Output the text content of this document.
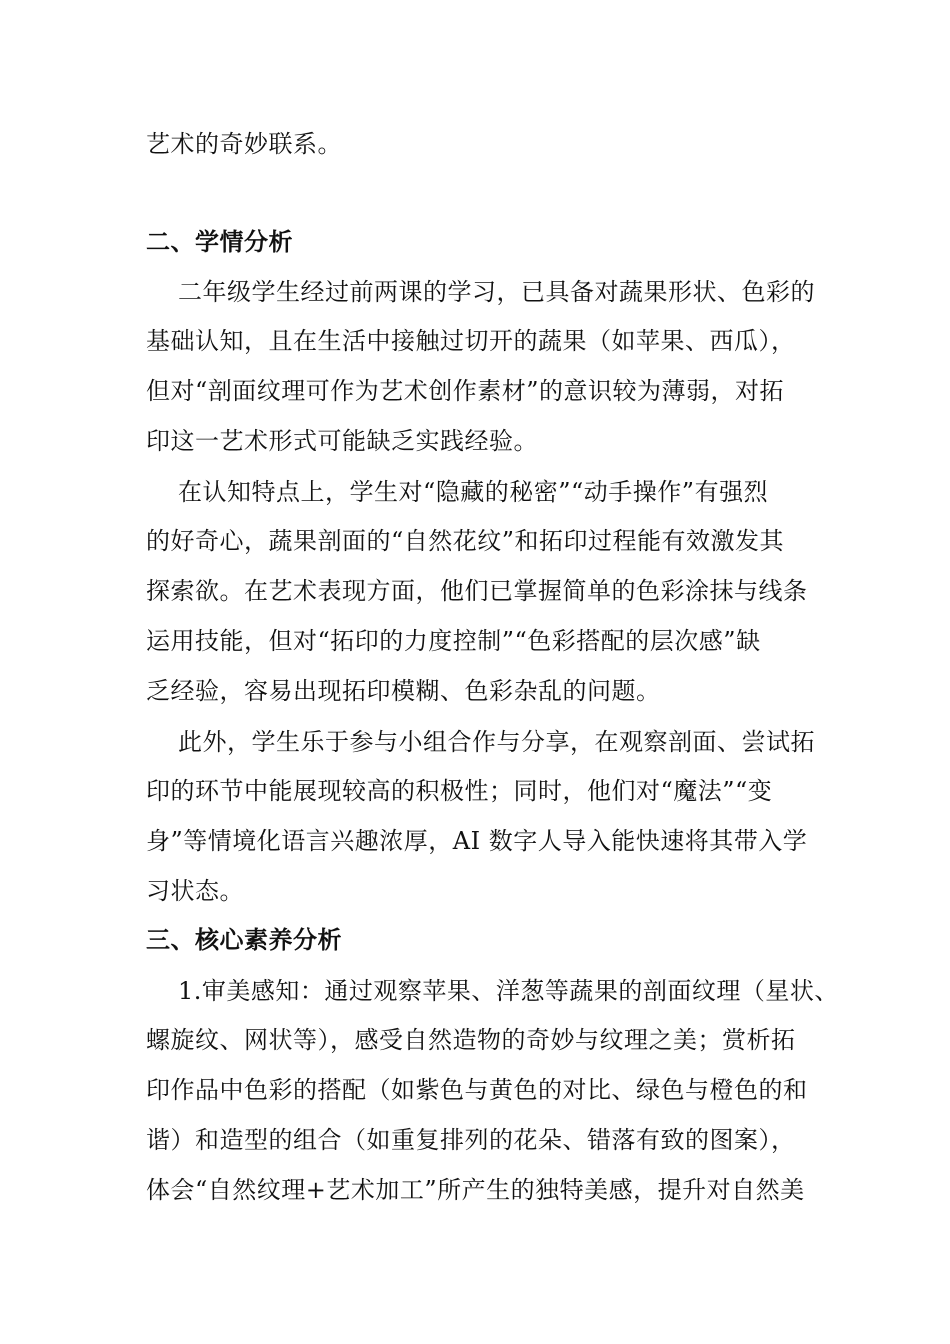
艺术的奇妙联系。
二、学情分析
二年级学生经过前两课的学习，已具备对蔬果形状、色彩的
基础认知，且在生活中接触过切开的蔬果（如苹果、西瓜），
但对“剖面纹理可作为艺术创作素材”的意识较为薄弱，对拓
印这一艺术形式可能缺乏实践经验。
在认知特点上，学生对“隐藏的秘密”“动手操作”有强烈
的好奇心，蔬果剖面的“自然花纹”和拓印过程能有效激发其
探索欲。在艺术表现方面，他们已掌握简单的色彩涂抹与线条
运用技能，但对“拓印的力度控制”“色彩搭配的层次感”缺
乏经验，容易出现拓印模糊、色彩杂乱的问题。
此外，学生乐于参与小组合作与分享，在观察剖面、尝试拓
印的环节中能展现较高的积极性；同时，他们对“魔法”“变
身”等情境化语言兴趣浓厚，AI 数字人导入能快速将其带入学
习状态。
三、核心素养分析
1.审美感知：通过观察苹果、洋葱等蔬果的剖面纹理（星状、
螺旋纹、网状等），感受自然造物的奇妙与纹理之美；赏析拓
印作品中色彩的搭配（如紫色与黄色的对比、绿色与橙色的和
谐）和造型的组合（如重复排列的花朵、错落有致的图案），
体会“自然纹理+艺术加工”所产生的独特美感，提升对自然美
